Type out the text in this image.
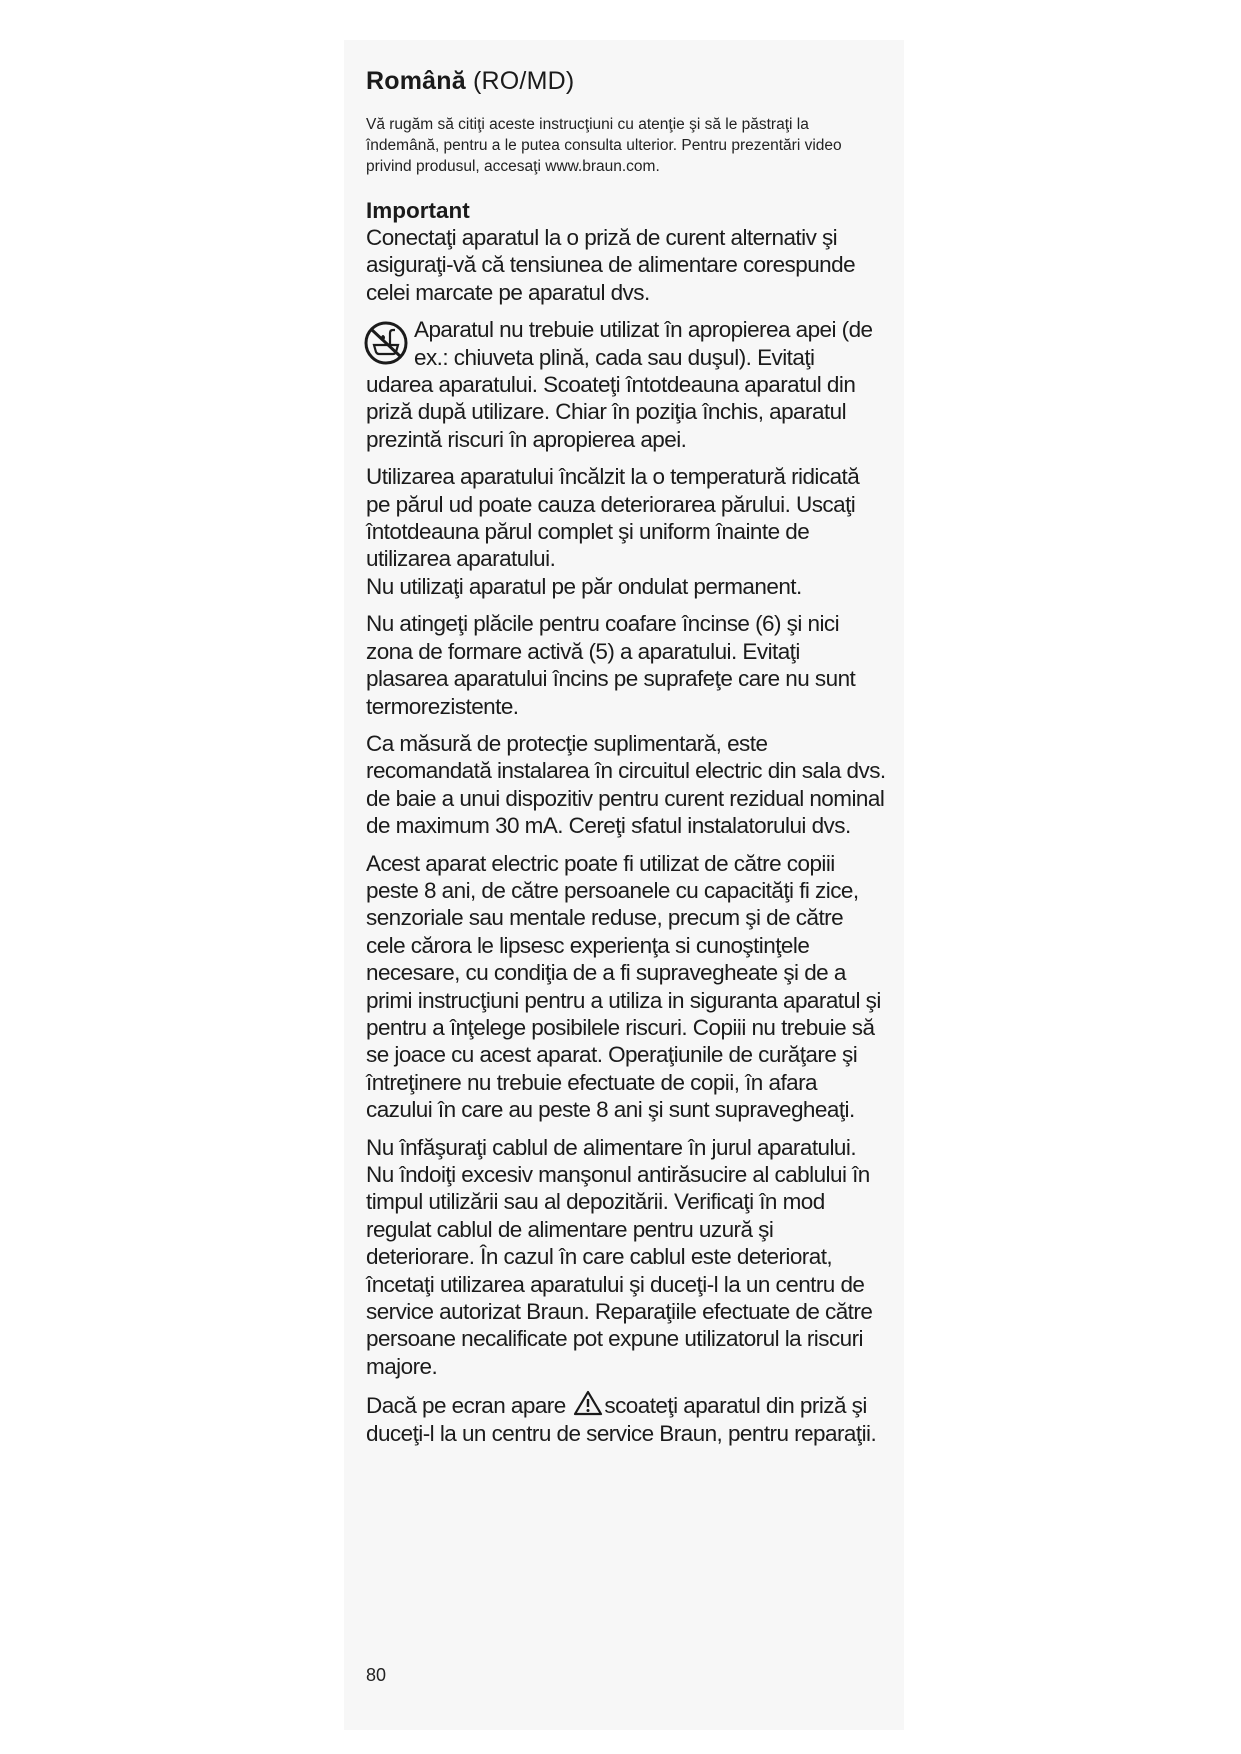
Română (RO/MD)

Vă rugăm să citiţi aceste instrucţiuni cu atenţie şi să le păstraţi la îndemână, pentru a le putea consulta ulterior. Pentru prezentări video privind produsul, accesaţi www.braun.com.

Important

Conectaţi aparatul la o priză de curent alternativ şi asiguraţi-vă că tensiunea de alimentare corespunde celei marcate pe aparatul dvs.

Aparatul nu trebuie utilizat în apropierea apei (de ex.: chiuveta plină, cada sau duşul). Evitaţi udarea aparatului. Scoateţi întotdeauna aparatul din priză după utilizare. Chiar în poziţia închis, aparatul prezintă riscuri în apropierea apei.

Utilizarea aparatului încălzit la o temperatură ridicată pe părul ud poate cauza deteriorarea părului. Uscaţi întotdeauna părul complet şi uniform înainte de utilizarea aparatului.

Nu utilizaţi aparatul pe păr ondulat permanent.

Nu atingeţi plăcile pentru coafare încinse (6) şi nici zona de formare activă (5) a aparatului. Evitaţi plasarea aparatului încins pe suprafeţe care nu sunt termorezistente.

Ca măsură de protecţie suplimentară, este recomandată instalarea în circuitul electric din sala dvs. de baie a unui dispozitiv pentru curent rezidual nominal de maximum 30 mA. Cereţi sfatul instalatorului dvs.

Acest aparat electric poate fi utilizat de către copiii peste 8 ani, de către persoanele cu capacităţi fi zice, senzoriale sau mentale reduse, precum şi de către cele cărora le lipsesc experienţa si cunoştinţele necesare, cu condiţia de a fi supravegheate şi de a primi instrucţiuni pentru a utiliza in siguranta aparatul şi pentru a înţelege posibilele riscuri. Copiii nu trebuie să se joace cu acest aparat. Operaţiunile de curăţare şi întreţinere nu trebuie efectuate de copii, în afara cazului în care au peste 8 ani şi sunt supravegheaţi.

Nu înfăşuraţi cablul de alimentare în jurul aparatului. Nu îndoiţi excesiv manşonul antirăsucire al cablului în timpul utilizării sau al depozitării. Verificaţi în mod regulat cablul de alimentare pentru uzură şi deteriorare. În cazul în care cablul este deteriorat, încetaţi utilizarea aparatului şi duceţi-l la un centru de service autorizat Braun. Reparaţiile efectuate de către persoane necalificate pot expune utilizatorul la riscuri majore.

Dacă pe ecran apare scoateţi aparatul din priză şi duceţi-l la un centru de service Braun, pentru reparaţii.

80
